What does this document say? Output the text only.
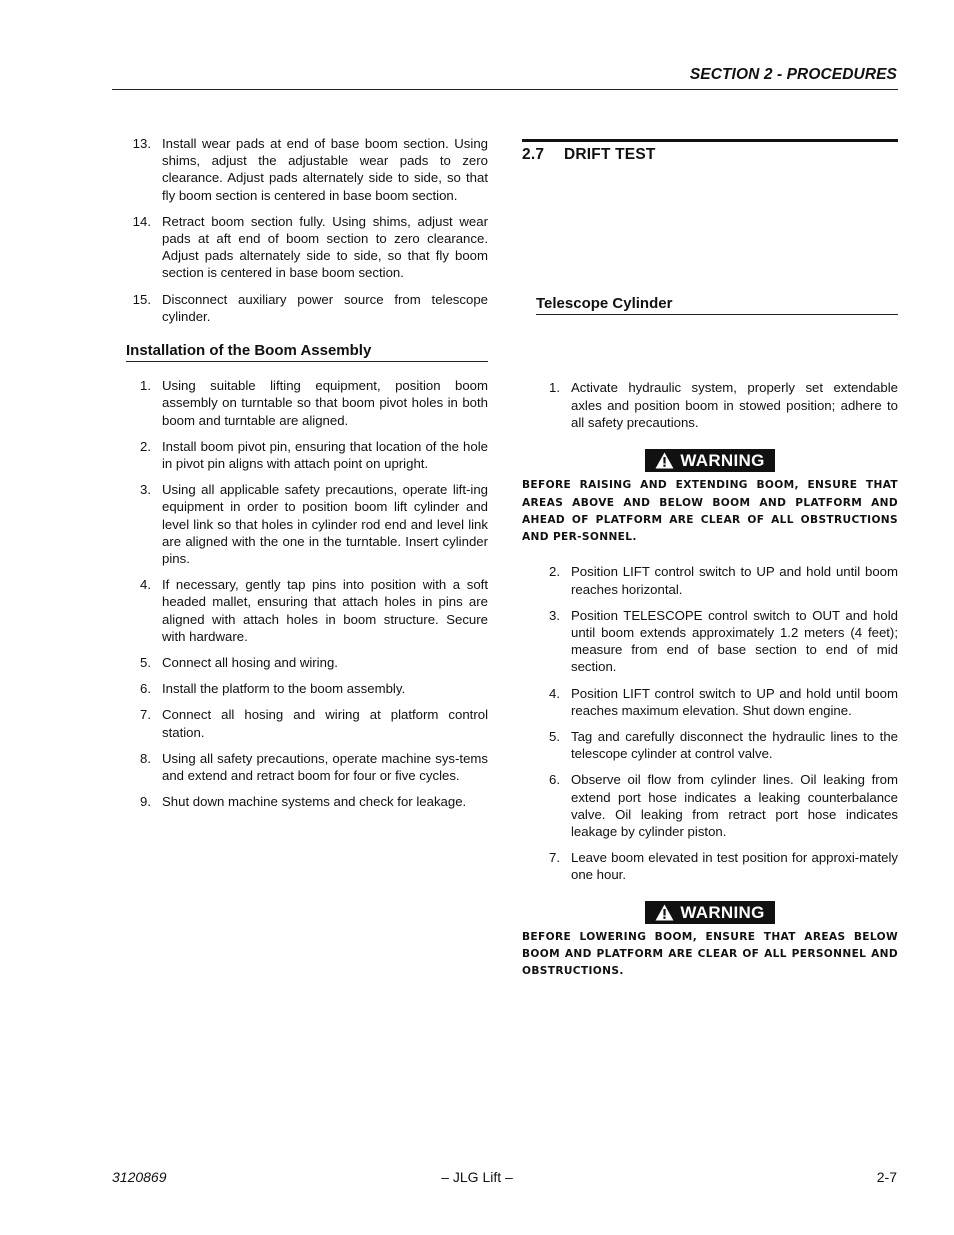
SECTION 2 - PROCEDURES
13. Install wear pads at end of base boom section. Using shims, adjust the adjustable wear pads to zero clearance. Adjust pads alternately side to side, so that fly boom section is centered in base boom section.
14. Retract boom section fully. Using shims, adjust wear pads at aft end of boom section to zero clearance. Adjust pads alternately side to side, so that fly boom section is centered in base boom section.
15. Disconnect auxiliary power source from telescope cylinder.
Installation of the Boom Assembly
1. Using suitable lifting equipment, position boom assembly on turntable so that boom pivot holes in both boom and turntable are aligned.
2. Install boom pivot pin, ensuring that location of the hole in pivot pin aligns with attach point on upright.
3. Using all applicable safety precautions, operate lift-ing equipment in order to position boom lift cylinder and level link so that holes in cylinder rod end and level link are aligned with the one in the turntable. Insert cylinder pins.
4. If necessary, gently tap pins into position with a soft headed mallet, ensuring that attach holes in pins are aligned with attach holes in boom structure. Secure with hardware.
5. Connect all hosing and wiring.
6. Install the platform to the boom assembly.
7. Connect all hosing and wiring at platform control station.
8. Using all safety precautions, operate machine sys-tems and extend and retract boom for four or five cycles.
9. Shut down machine systems and check for leakage.
2.7 DRIFT TEST
Telescope Cylinder
1. Activate hydraulic system, properly set extendable axles and position boom in stowed position; adhere to all safety precautions.
WARNING
BEFORE RAISING AND EXTENDING BOOM, ENSURE THAT AREAS ABOVE AND BELOW BOOM AND PLATFORM AND AHEAD OF PLATFORM ARE CLEAR OF ALL OBSTRUCTIONS AND PER-SONNEL.
2. Position LIFT control switch to UP and hold until boom reaches horizontal.
3. Position TELESCOPE control switch to OUT and hold until boom extends approximately 1.2 meters (4 feet); measure from end of base section to end of mid section.
4. Position LIFT control switch to UP and hold until boom reaches maximum elevation. Shut down engine.
5. Tag and carefully disconnect the hydraulic lines to the telescope cylinder at control valve.
6. Observe oil flow from cylinder lines. Oil leaking from extend port hose indicates a leaking counterbalance valve. Oil leaking from retract port hose indicates leakage by cylinder piston.
7. Leave boom elevated in test position for approxi-mately one hour.
WARNING
BEFORE LOWERING BOOM, ENSURE THAT AREAS BELOW BOOM AND PLATFORM ARE CLEAR OF ALL PERSONNEL AND OBSTRUCTIONS.
3120869	– JLG Lift –	2-7
